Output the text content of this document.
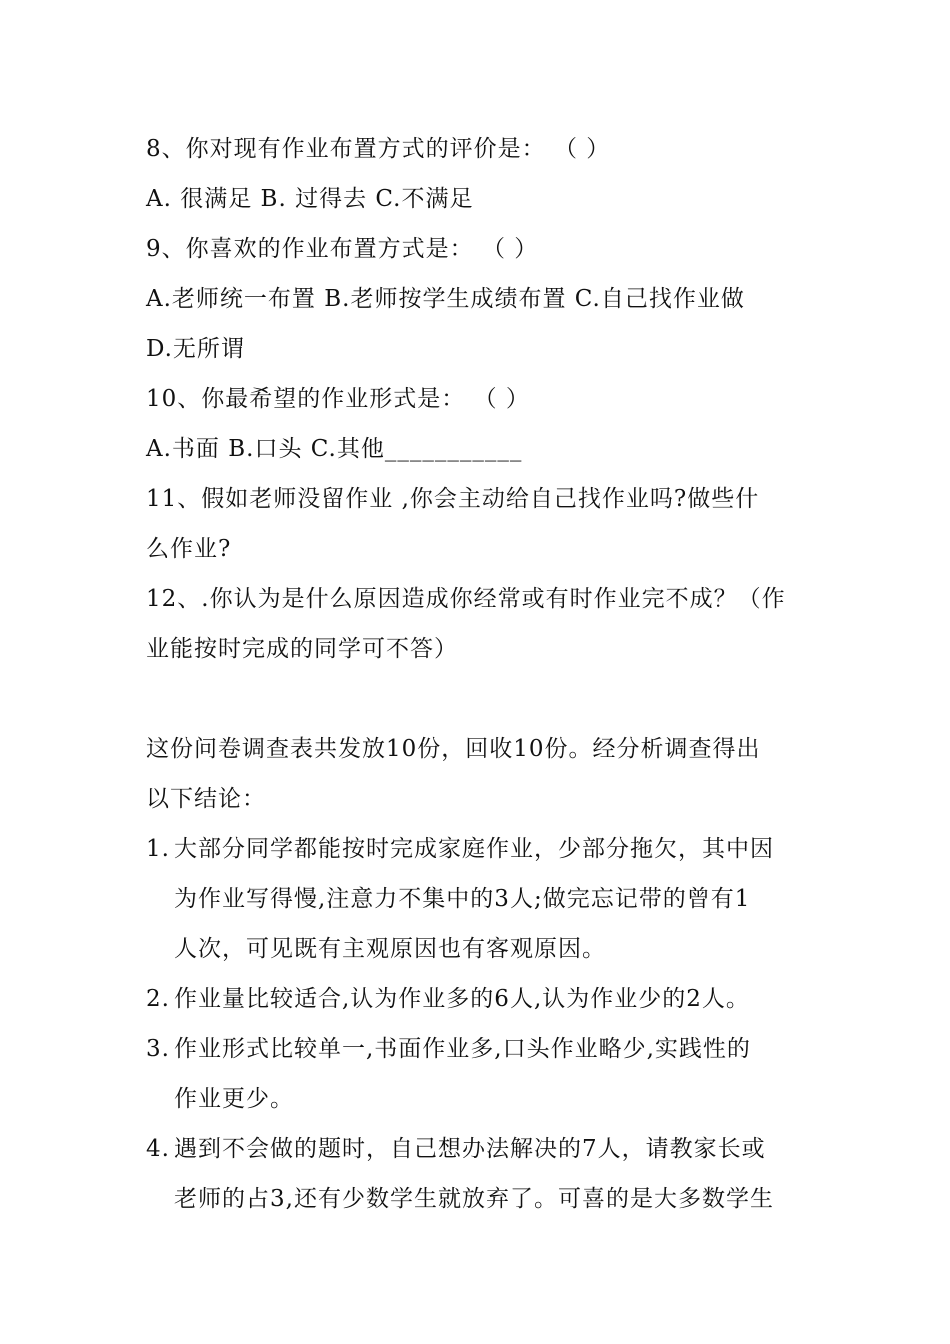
8、你对现有作业布置方式的评价是： （ ）
A. 很满足 B. 过得去 C.不满足
9、你喜欢的作业布置方式是： （ ）
A.老师统一布置 B.老师按学生成绩布置 C.自己找作业做
D.无所谓
10、你最希望的作业形式是： （ ）
A.书面 B.口头 C.其他___________
11、假如老师没留作业 ,你会主动给自己找作业吗?做些什
么作业?
12、.你认为是什么原因造成你经常或有时作业完不成？（作
业能按时完成的同学可不答）
这份问卷调查表共发放10份，回收10份。经分析调查得出
以下结论：
1. 大部分同学都能按时完成家庭作业，少部分拖欠，其中因
为作业写得慢,注意力不集中的3人;做完忘记带的曾有1
人次，可见既有主观原因也有客观原因。
2. 作业量比较适合,认为作业多的6人,认为作业少的2人。
3. 作业形式比较单一,书面作业多,口头作业略少,实践性的
作业更少。
4. 遇到不会做的题时，自己想办法解决的7人，请教家长或
老师的占3,还有少数学生就放弃了。可喜的是大多数学生
